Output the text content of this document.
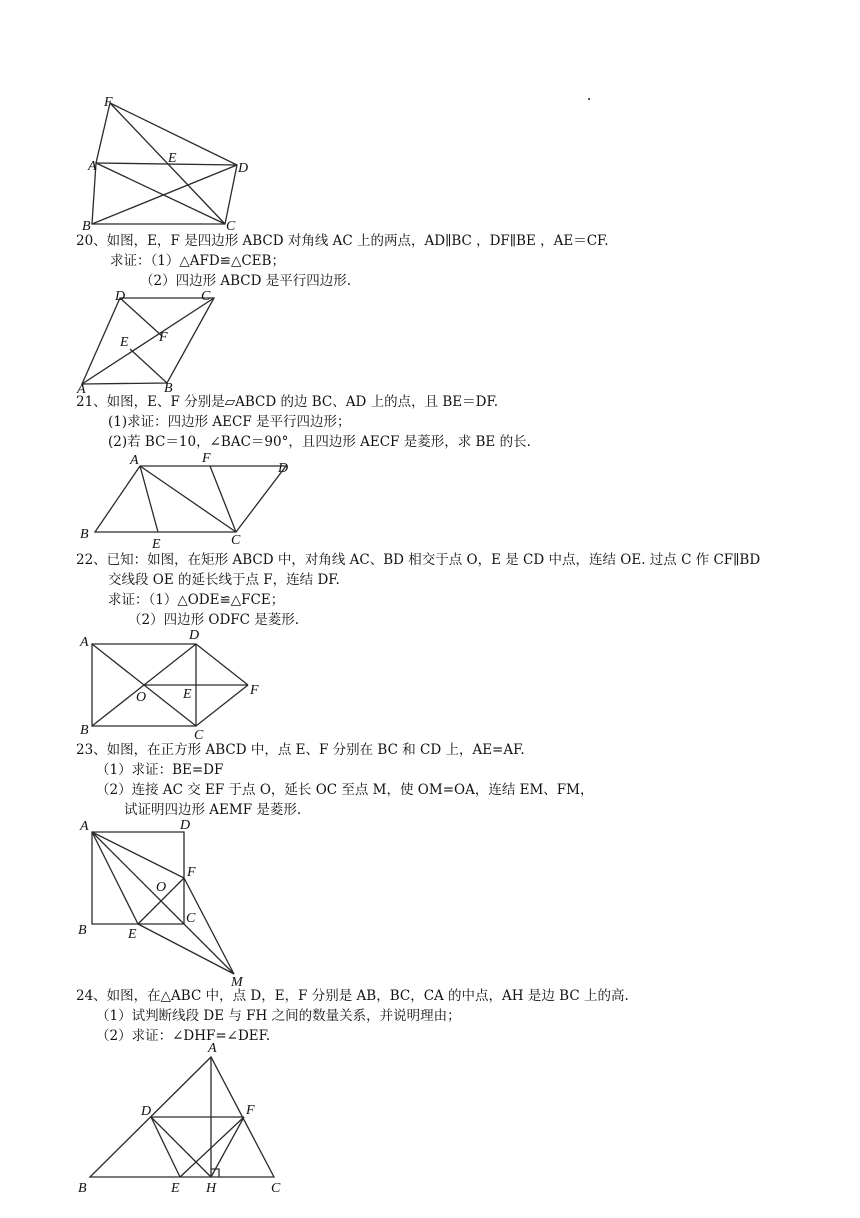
F
A
E
D
B	C
20、如图，E，F 是四边形 ABCD 对角线 AC 上的两点，AD∥BC ，DF∥BE ，AE＝CF.
求证：（1）△AFD≌△CEB；
（2）四边形 ABCD 是平行四边形.
D	C
E F
A	B
21、如图，E、F 分别是▱ABCD 的边 BC、AD 上的点，且 BE＝DF.
(1)求证：四边形 AECF 是平行四边形；
(2)若 BC＝10，∠BAC＝90°，且四边形 AECF 是菱形，求 BE 的长.
A	F
D
B
E	C
22、已知：如图，在矩形 ABCD 中，对角线 AC、BD 相交于点 O，E 是 CD 中点，连结 OE. 过点 C 作 CF∥BD
交线段 OE 的延长线于点 F，连结 DF.
求证：（1）△ODE≌△FCE；
（2）四边形 ODFC 是菱形.
A	D
O	E	F
B	C
23、如图，在正方形 ABCD 中，点 E、F 分别在 BC 和 CD 上，AE=AF.
（1）求证：BE=DF
（2）连接 AC 交 EF 于点 O，延长 OC 至点 M，使 OM=OA，连结 EM、FM，
试证明四边形 AEMF 是菱形.
A	D
F
O
B
C
E
M
24、如图，在△ABC 中，点 D，E，F 分别是 AB，BC，CA 的中点，AH 是边 BC 上的高.
（1）试判断线段 DE 与 FH 之间的数量关系，并说明理由；
（2）求证：∠DHF=∠DEF.
A
D	F
B	E H	C
